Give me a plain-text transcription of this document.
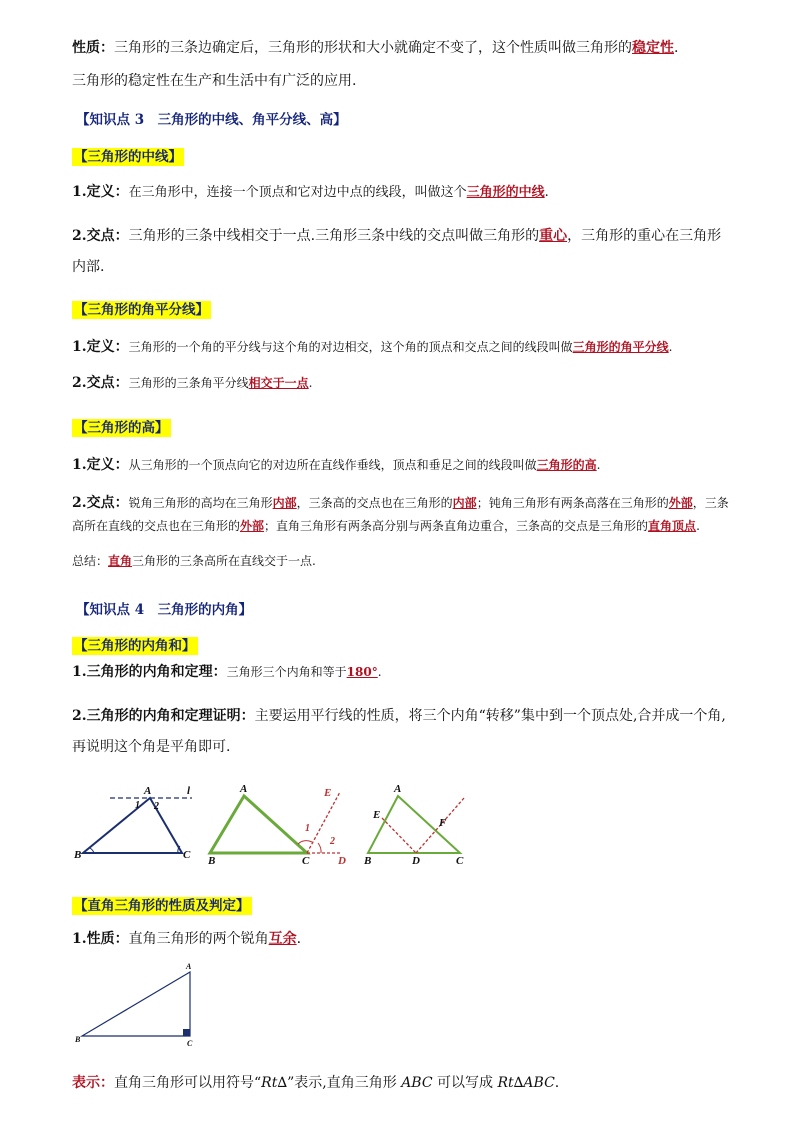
性质：三角形的三条边确定后，三角形的形状和大小就确定不变了，这个性质叫做三角形的稳定性.
三角形的稳定性在生产和生活中有广泛的应用.
【知识点 3　三角形的中线、角平分线、高】
【三角形的中线】
1.定义：在三角形中，连接一个顶点和它对边中点的线段，叫做这个三角形的中线.
2.交点：三角形的三条中线相交于一点.三角形三条中线的交点叫做三角形的重心，三角形的重心在三角形
内部.
【三角形的角平分线】
1.定义：三角形的一个角的平分线与这个角的对边相交，这个角的顶点和交点之间的线段叫做三角形的角平分线.
2.交点：三角形的三条角平分线相交于一点.
【三角形的高】
1.定义：从三角形的一个顶点向它的对边所在直线作垂线，顶点和垂足之间的线段叫做三角形的高.
2.交点：锐角三角形的高均在三角形内部，三条高的交点也在三角形的内部；钝角三角形有两条高落在三角形的外部，三条
高所在直线的交点也在三角形的外部；直角三角形有两条高分别与两条直角边重合，三条高的交点是三角形的直角顶点.
总结：直角三角形的三条高所在直线交于一点.
【知识点 4　三角形的内角】
【三角形的内角和】
1.三角形的内角和定理：三角形三个内角和等于180°.
2.三角形的内角和定理证明：主要运用平行线的性质，将三个内角“转移”集中到一个顶点处,合并成一个角,
再说明这个角是平角即可.
A
B	C
l
1 2
A
B	C	D
E
1
2
A
B	C
D
E
F
【直角三角形的性质及判定】
1.性质：直角三角形的两个锐角互余.
A
B	C
表示：直角三角形可以用符号“Rt∆”表示,直角三角形 ABC 可以写成 Rt∆ABC.
